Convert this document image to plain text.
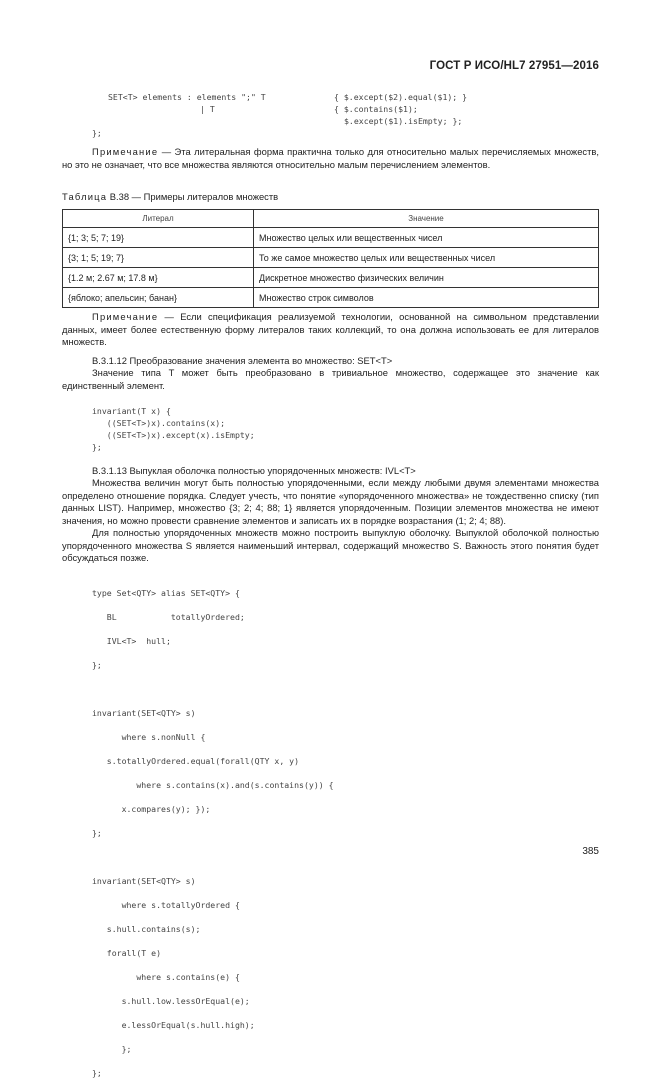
ГОСТ Р ИСО/HL7 27951—2016
SET<T> elements : elements ";" T	{ $.except($2).equal($1); }
| T	{ $.contains($1);
$.except($1).isEmpty; };
};
Примечание — Эта литеральная форма практична только для относительно малых перечисляемых множеств, но это не означает, что все множества являются относительно малым перечислением элементов.
Таблица В.38 — Примеры литералов множеств
Литерал	Значение
{1; 3; 5; 7; 19}	Множество целых или вещественных чисел
{3; 1; 5; 19; 7}	То же самое множество целых или вещественных чисел
{1.2 м; 2.67 м; 17.8 м}	Дискретное множество физических величин
{яблоко; апельсин; банан}	Множество строк символов
Примечание — Если спецификация реализуемой технологии, основанной на символьном представлении данных, имеет более естественную форму литералов таких коллекций, то она должна использовать ее для литералов множеств.
В.3.1.12 Преобразование значения элемента во множество: SET<T>
Значение типа T может быть преобразовано в тривиальное множество, содержащее это значение как единственный элемент.
invariant(T x) {
((SET<T>)x).contains(x);
((SET<T>)x).except(x).isEmpty;
};
В.3.1.13 Выпуклая оболочка полностью упорядоченных множеств: IVL<T>
Множества величин могут быть полностью упорядоченными, если между любыми двумя элементами множества определено отношение порядка. Следует учесть, что понятие «упорядоченного множества» не тождественно списку (тип данных LIST). Например, множество {3; 2; 4; 88; 1} является упорядоченным. Позиции элементов множества не имеют значения, но можно провести сравнение элементов и записать их в порядке возрастания (1; 2; 4; 88).
Для полностью упорядоченных множеств можно построить выпуклую оболочку. Выпуклой оболочкой полностью упорядоченного множества S является наименьший интервал, содержащий множество S. Важность этого понятия будет обсуждаться позже.

type Set<QTY> alias SET<QTY> {

BL           totallyOrdered;

IVL<T>  hull;

};

invariant(SET<QTY> s)

where s.nonNull {

s.totallyOrdered.equal(forall(QTY x, y)

where s.contains(x).and(s.contains(y)) {

x.compares(y); });

};

invariant(SET<QTY> s)

where s.totallyOrdered {

s.hull.contains(s);

forall(T e)

where s.contains(e) {

s.hull.low.lessOrEqual(e);

e.lessOrEqual(s.hull.high);

};

};

385
